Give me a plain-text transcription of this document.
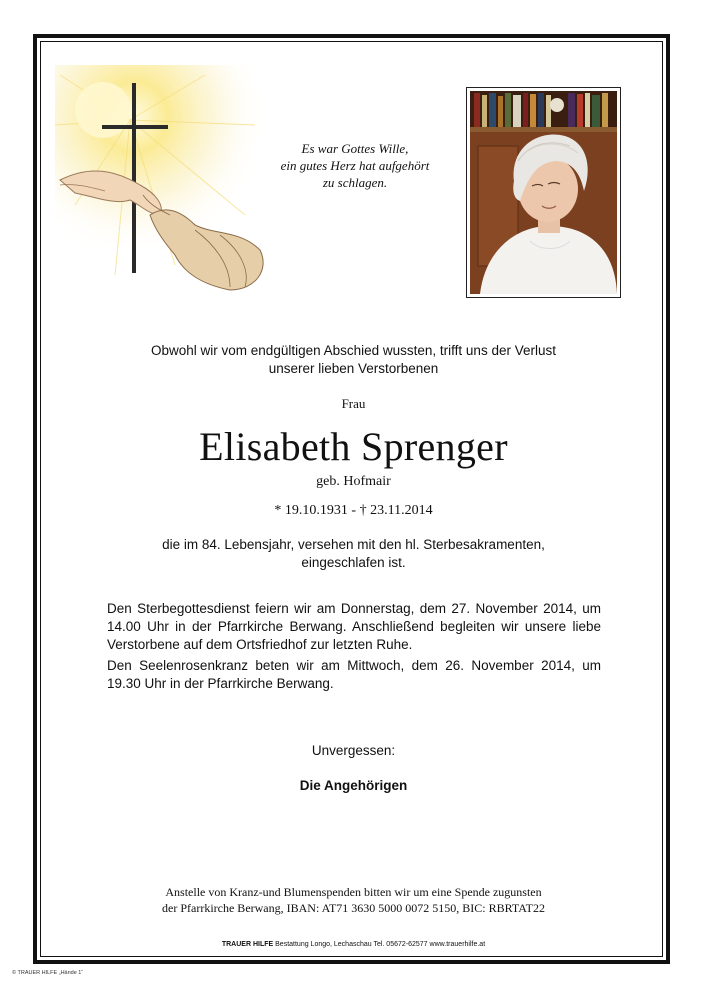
Es war Gottes Wille,
ein gutes Herz hat aufgehört
zu schlagen.
Obwohl wir vom endgültigen Abschied wussten, trifft uns der Verlust
unserer lieben Verstorbenen
Frau
Elisabeth Sprenger
geb. Hofmair
* 19.10.1931 - † 23.11.2014
die im 84. Lebensjahr, versehen mit den hl. Sterbesakramenten,
eingeschlafen ist.
Den Sterbegottesdienst feiern wir am Donnerstag, dem 27. November 2014, um 14.00 Uhr in der Pfarrkirche Berwang. Anschließend begleiten wir unsere liebe Verstorbene auf dem Ortsfriedhof zur letzten Ruhe.
Den Seelenrosenkranz beten wir am Mittwoch, dem 26. November 2014, um 19.30 Uhr in der Pfarrkirche Berwang.
Unvergessen:
Die Angehörigen
Anstelle von Kranz-und Blumenspenden bitten wir um eine Spende zugunsten
der Pfarrkirche Berwang, IBAN: AT71 3630 5000 0072 5150, BIC: RBRTAT22
TRAUER HILFE Bestattung Longo, Lechaschau Tel. 05672-62577 www.trauerhilfe.at
© TRAUER HILFE „Hände 1“
